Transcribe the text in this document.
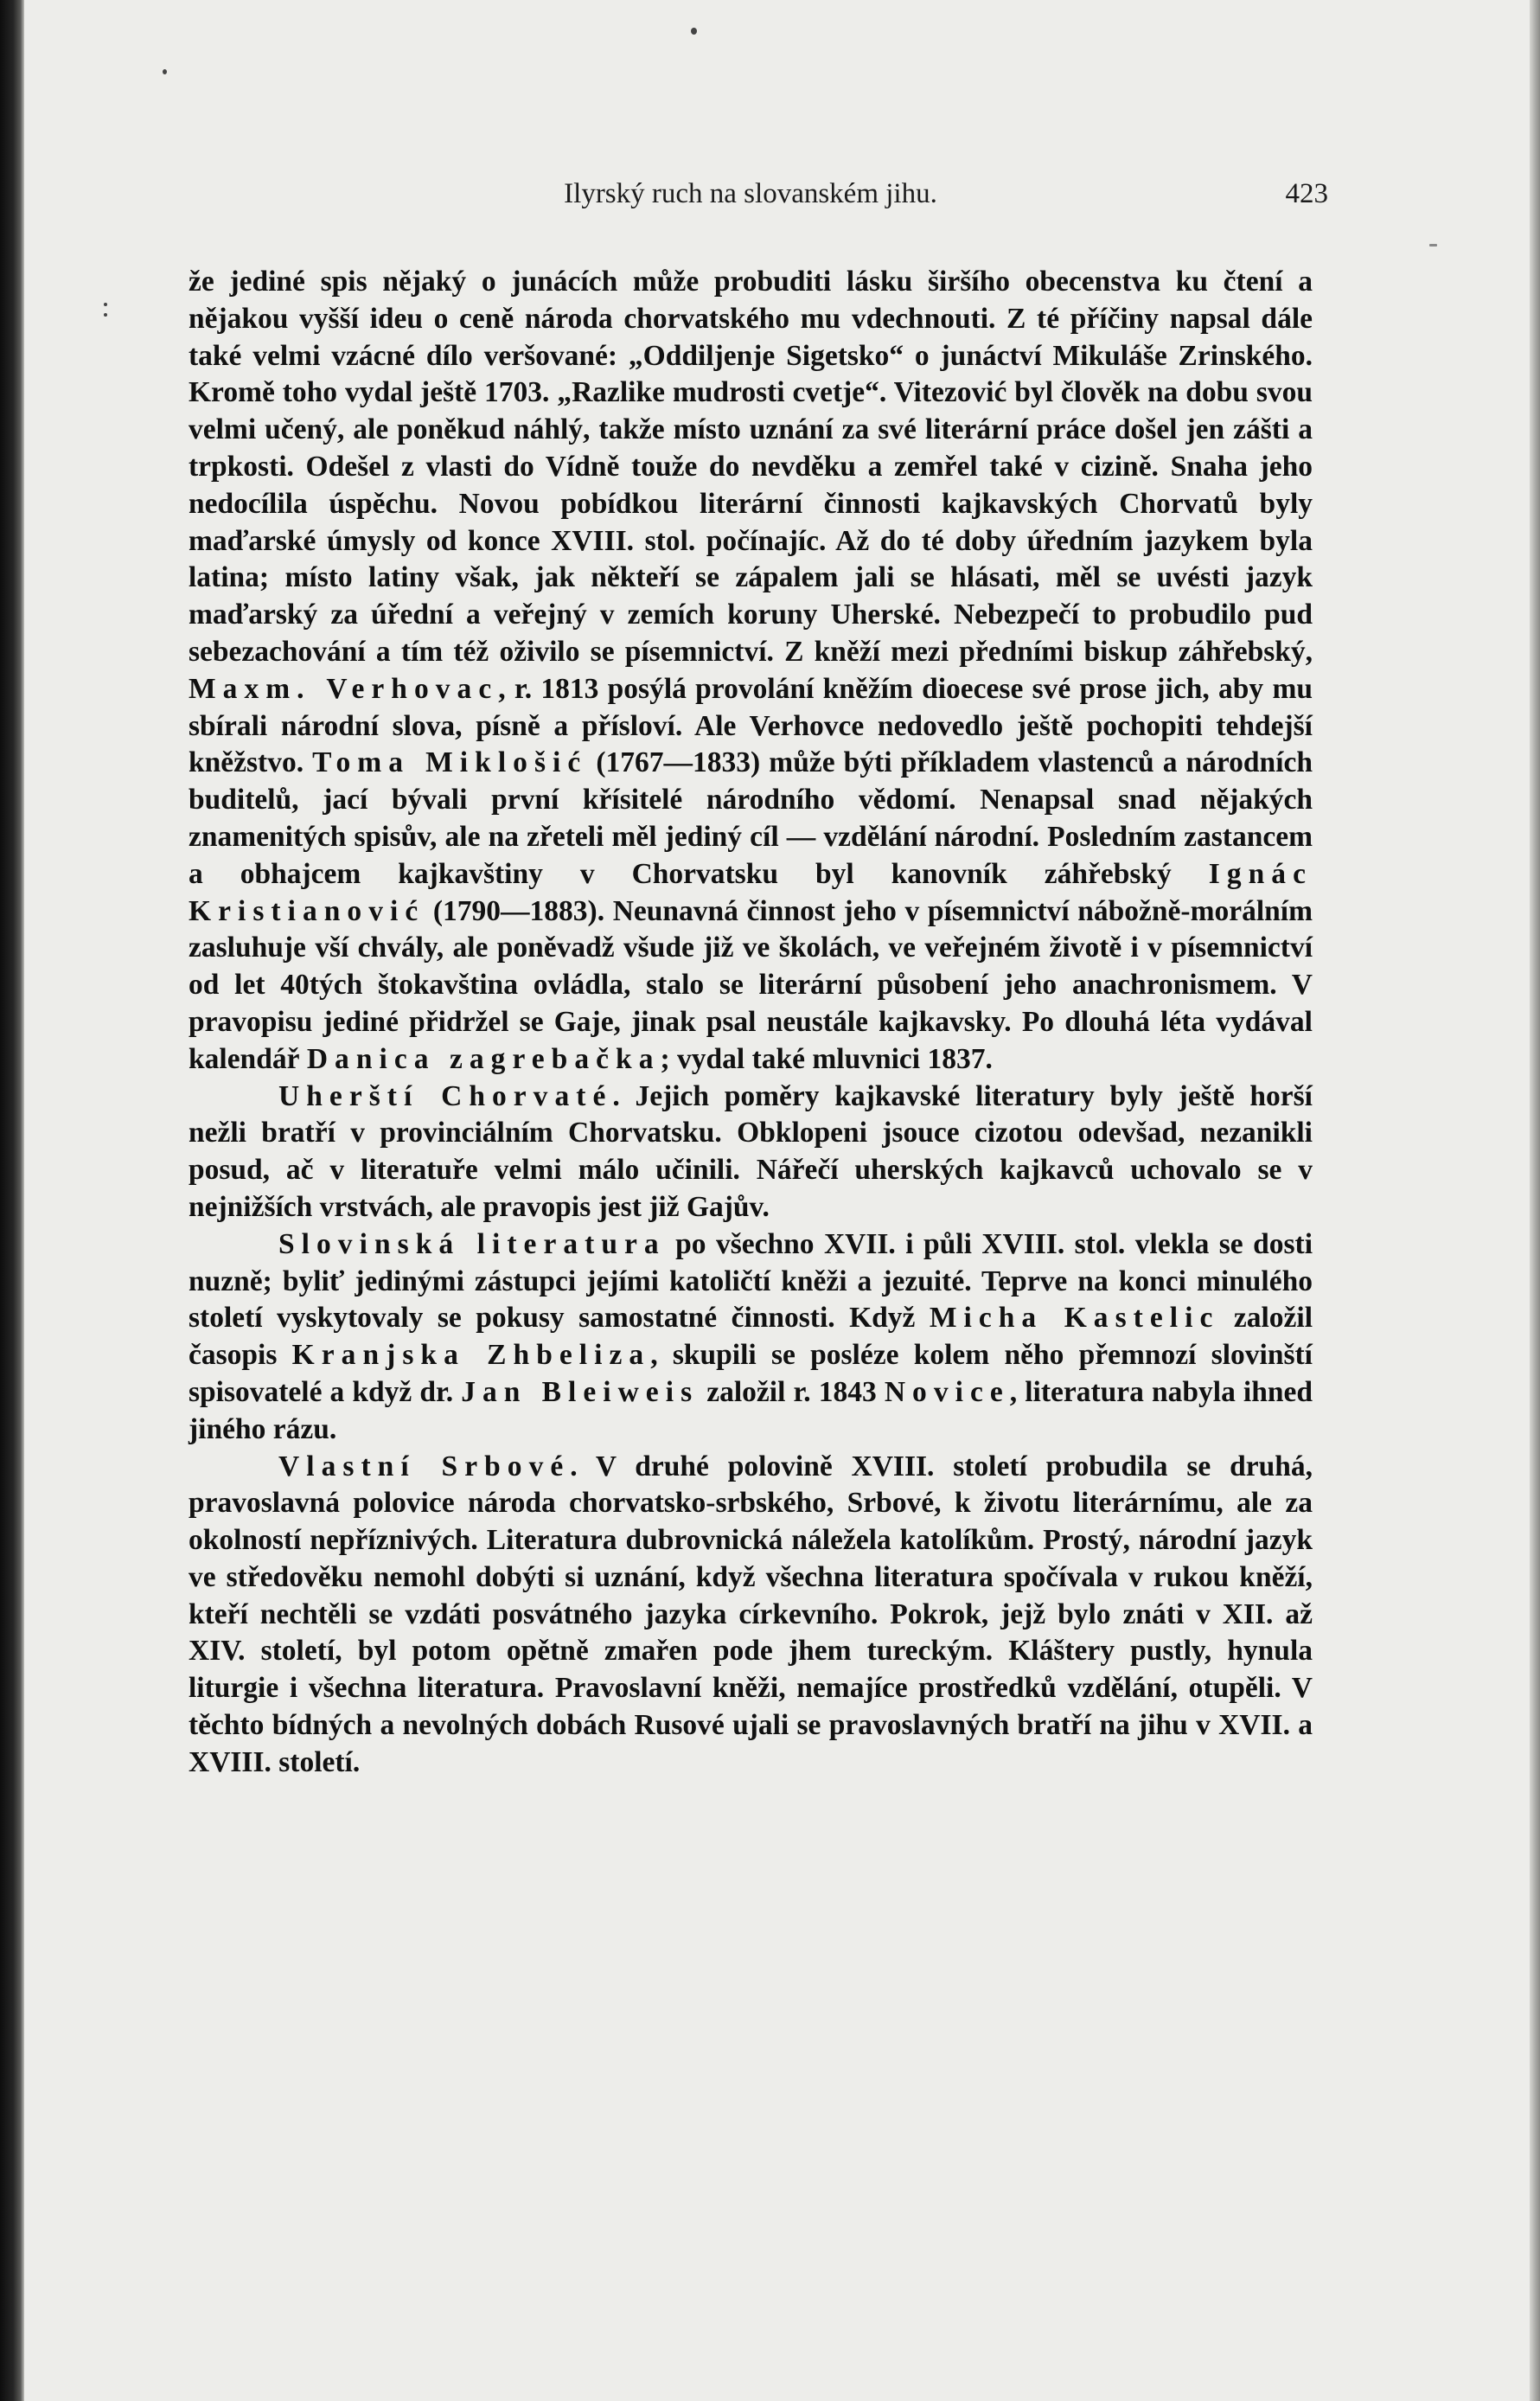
Ilyrský ruch na slovanském jihu.	423

že jediné spis nějaký o junácích může probuditi lásku širšího obecenstva ku čtení a nějakou vyšší ideu o ceně národa chorvatského mu vdechnouti. Z té příčiny napsal dále také velmi vzácné dílo veršované: „Oddiljenje Sigetsko“ o junáctví Mikuláše Zrinského. Kromě toho vydal ještě 1703. „Razlike mudrosti cvetje“. Vitezović byl člověk na dobu svou velmi učený, ale poněkud náhlý, takže místo uznání za své literární práce došel jen zášti a trpkosti. Odešel z vlasti do Vídně touže do nevděku a zemřel také v cizině. Snaha jeho nedocílila úspěchu. Novou pobídkou literární činnosti kajkavských Chorvatů byly maďarské úmysly od konce XVIII. stol. počínajíc. Až do té doby úředním jazykem byla latina; místo latiny však, jak někteří se zápalem jali se hlásati, měl se uvésti jazyk maďarský za úřední a veřejný v zemích koruny Uherské. Nebezpečí to probudilo pud sebezachování a tím též oživilo se písemnictví. Z kněží mezi předními biskup záhřebský, Maxm. Verhovac, r. 1813 posýlá provolání kněžím dioecese své prose jich, aby mu sbírali národní slova, písně a přísloví. Ale Verhovce nedovedlo ještě pochopiti tehdejší kněžstvo. Toma Miklošić (1767—1833) může býti příkladem vlastenců a národních buditelů, jací bývali první křísitelé národního vědomí. Nenapsal snad nějakých znamenitých spisův, ale na zřeteli měl jediný cíl — vzdělání národní. Posledním zastancem a obhajcem kajkavštiny v Chorvatsku byl kanovník záhřebský Ignác Kristianović (1790—1883). Neunavná činnost jeho v písemnictví nábožně-morálním zasluhuje vší chvály, ale poněvadž všude již ve školách, ve veřejném životě i v písemnictví od let 40tých štokavština ovládla, stalo se literární působení jeho anachronismem. V pravopisu jediné přidržel se Gaje, jinak psal neustále kajkavsky. Po dlouhá léta vydával kalendář Danica zagrebačka; vydal také mluvnici 1837.

Uherští Chorvaté. Jejich poměry kajkavské literatury byly ještě horší nežli bratří v provinciálním Chorvatsku. Obklopeni jsouce cizotou odevšad, nezanikli posud, ač v literatuře velmi málo učinili. Nářečí uherských kajkavců uchovalo se v nejnižších vrstvách, ale pravopis jest již Gajův.

Slovinská literatura po všechno XVII. i půli XVIII. stol. vlekla se dosti nuzně; byliť jedinými zástupci jejími katoličtí kněži a jezuité. Teprve na konci minulého století vyskytovaly se pokusy samostatné činnosti. Když Micha Kastelic založil časopis Kranjska Zhbeliza, skupili se posléze kolem něho přemnozí slovinští spisovatelé a když dr. Jan Bleiweis založil r. 1843 Novice, literatura nabyla ihned jiného rázu.

Vlastní Srbové. V druhé polovině XVIII. století probudila se druhá, pravoslavná polovice národa chorvatsko-srbského, Srbové, k životu literárnímu, ale za okolností nepříznivých. Literatura dubrovnická náležela katolíkům. Prostý, národní jazyk ve středověku nemohl dobýti si uznání, když všechna literatura spočívala v rukou kněží, kteří nechtěli se vzdáti posvátného jazyka církevního. Pokrok, jejž bylo znáti v XII. až XIV. století, byl potom opětně zmařen pode jhem tureckým. Kláštery pustly, hynula liturgie i všechna literatura. Pravoslavní kněži, nemajíce prostředků vzdělání, otupěli. V těchto bídných a nevolných dobách Rusové ujali se pravoslavných bratří na jihu v XVII. a XVIII. století.
